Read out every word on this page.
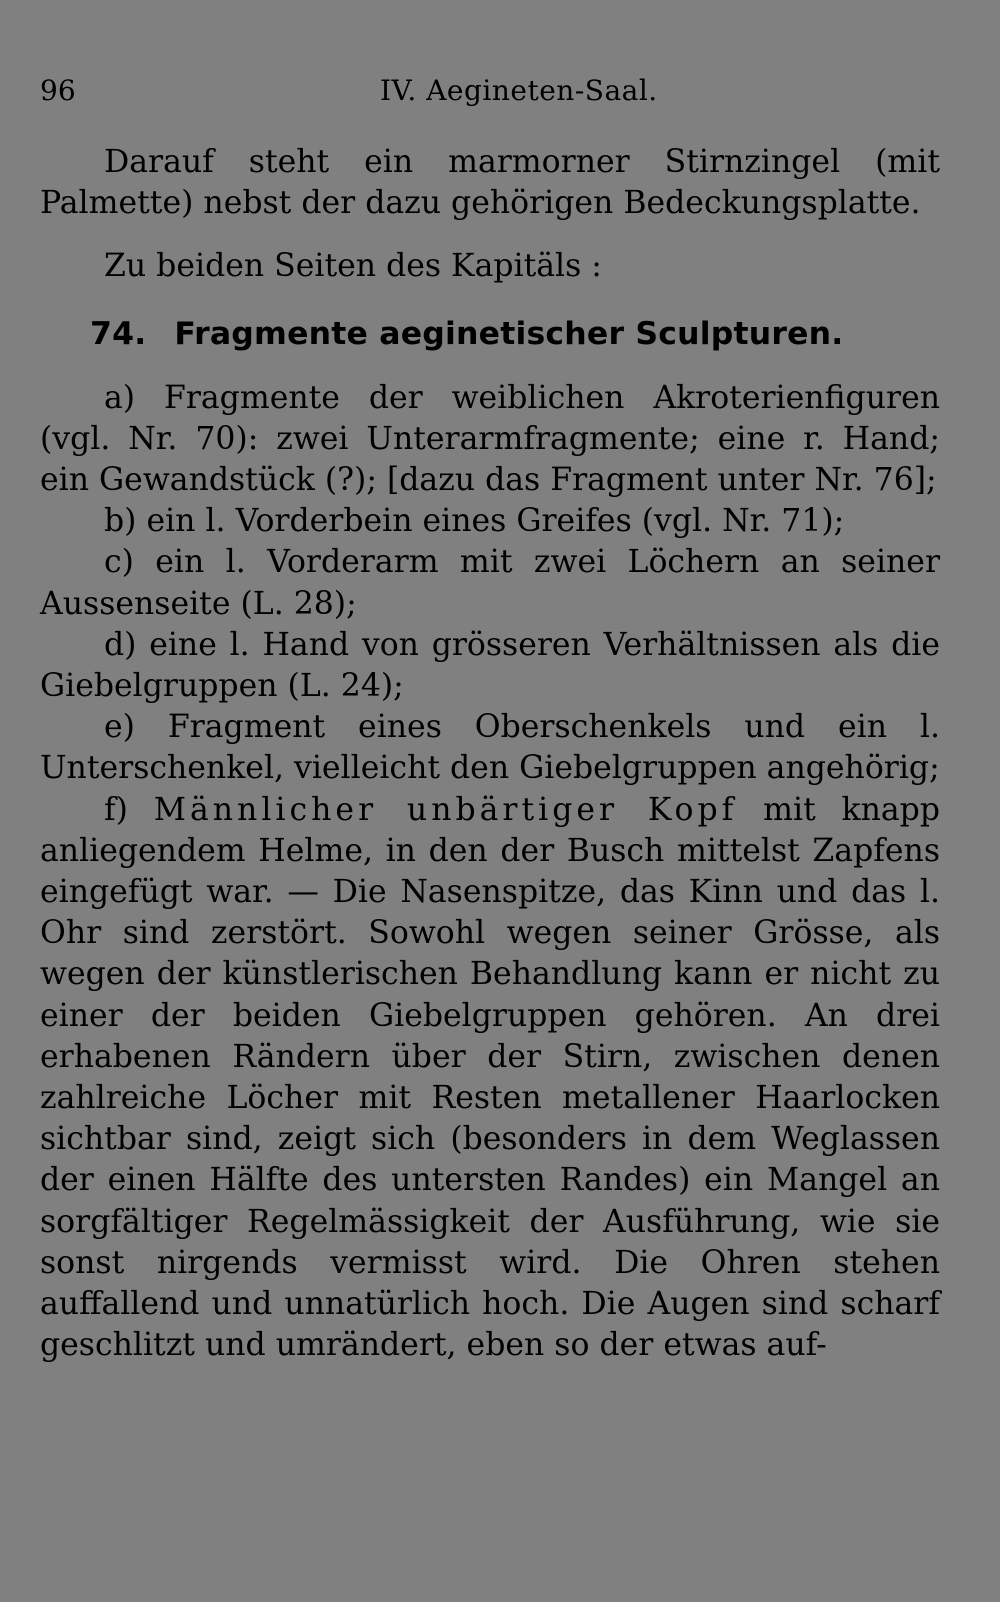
96	IV. Aegineten-Saal.

Darauf steht ein marmorner Stirnzingel (mit Palmette) nebst der dazu gehörigen Bedeckungsplatte.

Zu beiden Seiten des Kapitäls :

74. Fragmente aeginetischer Sculpturen.

a) Fragmente der weiblichen Akroterienfiguren (vgl. Nr. 70): zwei Unterarmfragmente; eine r. Hand; ein Gewandstück (?); [dazu das Fragment unter Nr. 76];

b) ein l. Vorderbein eines Greifes (vgl. Nr. 71);

c) ein l. Vorderarm mit zwei Löchern an seiner Aussenseite (L. 28);

d) eine l. Hand von grösseren Verhältnissen als die Giebelgruppen (L. 24);

e) Fragment eines Oberschenkels und ein l. Unterschenkel, vielleicht den Giebelgruppen angehörig;

f) Männlicher unbärtiger Kopf mit knapp anliegendem Helme, in den der Busch mittelst Zapfens eingefügt war. — Die Nasenspitze, das Kinn und das l. Ohr sind zerstört. Sowohl wegen seiner Grösse, als wegen der künstlerischen Behandlung kann er nicht zu einer der beiden Giebelgruppen gehören. An drei erhabenen Rändern über der Stirn, zwischen denen zahlreiche Löcher mit Resten metallener Haarlocken sichtbar sind, zeigt sich (besonders in dem Weglassen der einen Hälfte des untersten Randes) ein Mangel an sorgfältiger Regelmässigkeit der Ausführung, wie sie sonst nirgends vermisst wird. Die Ohren stehen auffallend und unnatürlich hoch. Die Augen sind scharf geschlitzt und umrändert, eben so der etwas auf-
